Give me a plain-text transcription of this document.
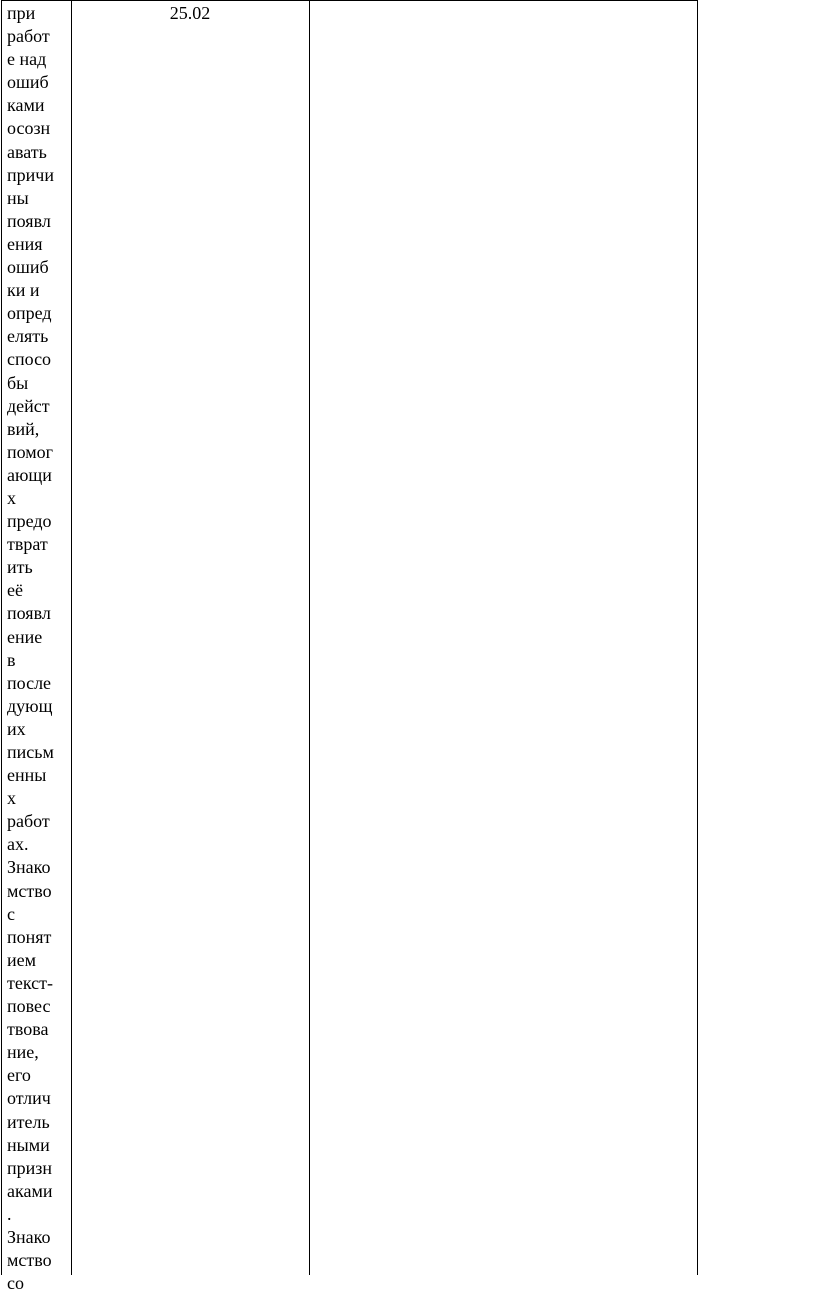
при
работ
е над
ошиб
ками
осозн
авать
причи
ны
появл
ения
ошиб
ки и
опред
елять
спосо
бы
дейст
вий,
помог
ающи
х
предо
тврат
ить
её
появл
ение
в
после
дующ
их
письм
енны
х
работ
ах.
Знако
мство
с
понят
ием
текст-
повес
твова
ние,
его
отлич
итель
ными
призн
аками
.
Знако
мство
со
25.02
